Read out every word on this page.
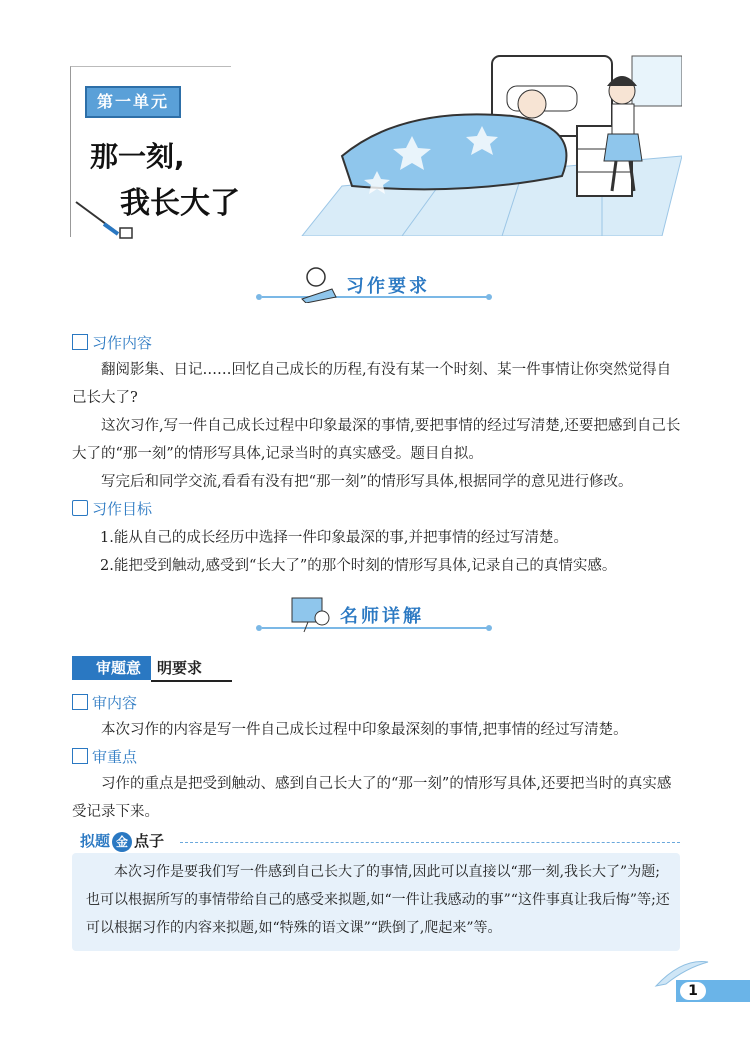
第一单元
那一刻,
我长大了
习作要求
习作内容
翻阅影集、日记……回忆自己成长的历程,有没有某一个时刻、某一件事情让你突然觉得自己长大了?
这次习作,写一件自己成长过程中印象最深的事情,要把事情的经过写清楚,还要把感到自己长大了的“那一刻”的情形写具体,记录当时的真实感受。题目自拟。
写完后和同学交流,看看有没有把“那一刻”的情形写具体,根据同学的意见进行修改。
习作目标
1.能从自己的成长经历中选择一件印象最深的事,并把事情的经过写清楚。
2.能把受到触动,感受到“长大了”的那个时刻的情形写具体,记录自己的真情实感。
名师详解
审题意 明要求
审内容
本次习作的内容是写一件自己成长过程中印象最深刻的事情,把事情的经过写清楚。
审重点
习作的重点是把受到触动、感到自己长大了的“那一刻”的情形写具体,还要把当时的真实感受记录下来。
拟题 金 点子
本次习作是要我们写一件感到自己长大了的事情,因此可以直接以“那一刻,我长大了”为题;也可以根据所写的事情带给自己的感受来拟题,如“一件让我感动的事”“这件事真让我后悔”等;还可以根据习作的内容来拟题,如“特殊的语文课”“跌倒了,爬起来”等。
1
